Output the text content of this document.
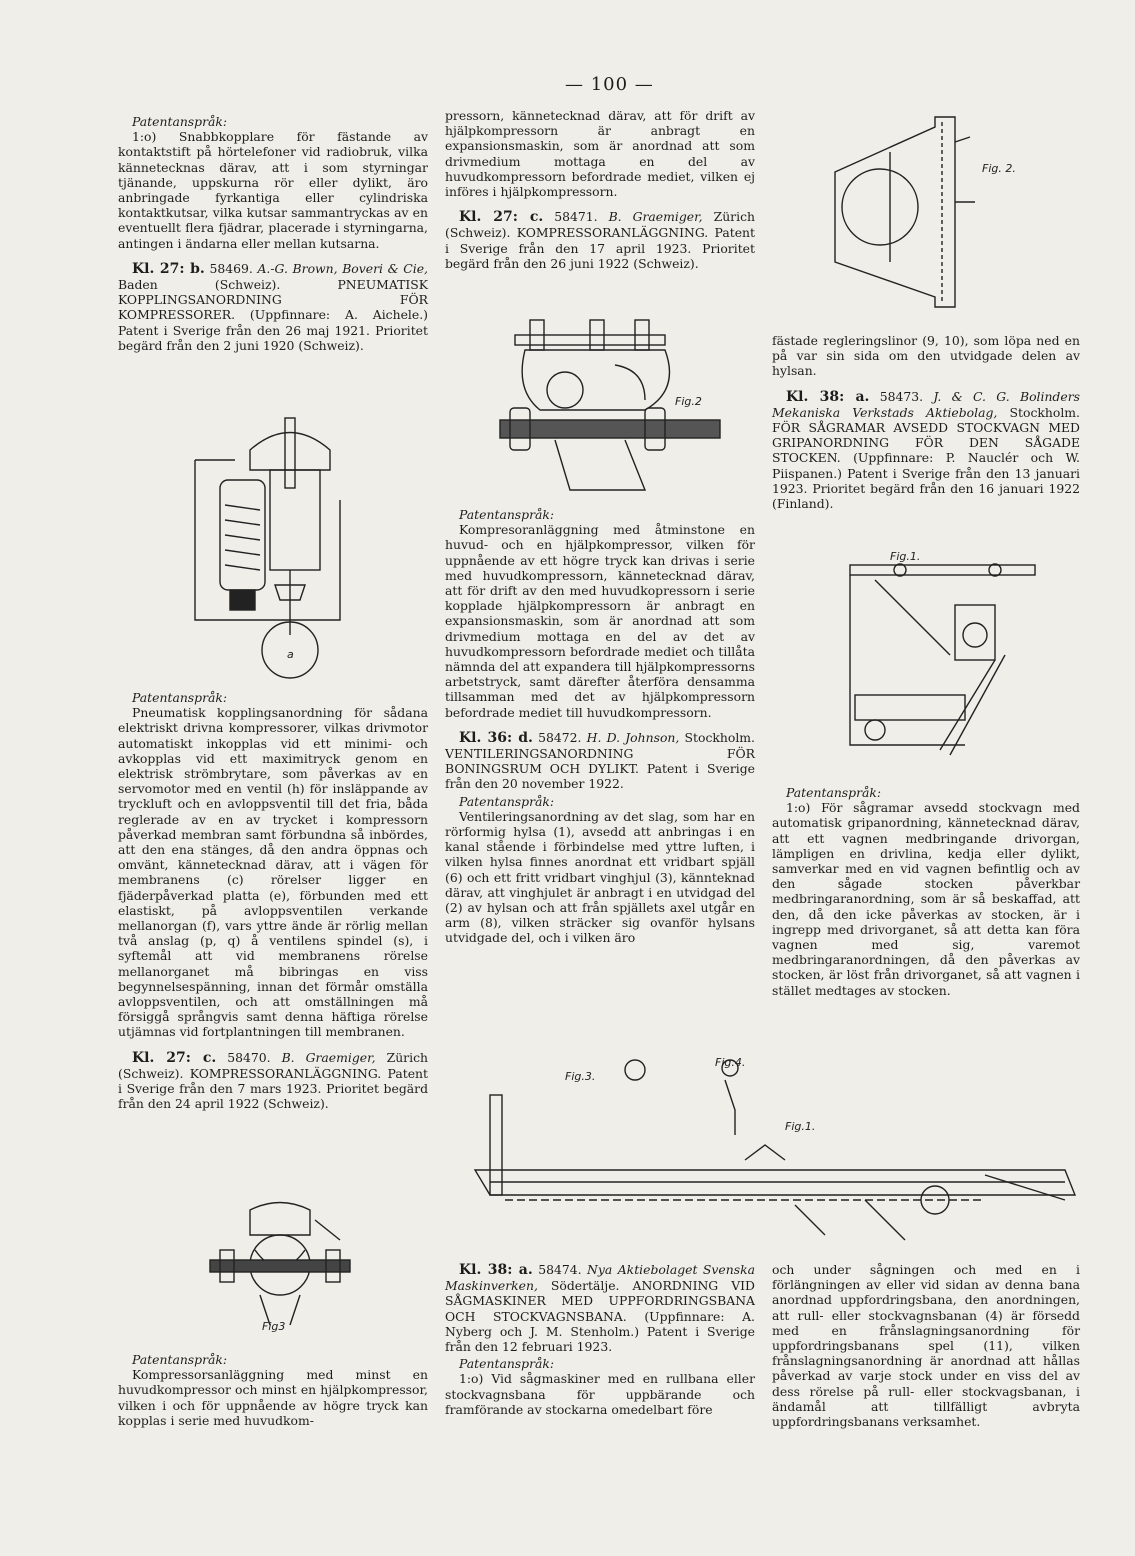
— 100 —

Patentanspråk:

1:o) Snabbkopplare för fästande av kontaktstift på hörtelefoner vid radiobruk, vilka kännetecknas därav, att i som styrningar tjänande, uppskurna rör eller dylikt, äro anbringade fyrkantiga eller cylindriska kontaktkutsar, vilka kutsar sammantryckas av en eventuellt flera fjädrar, placerade i styrningarna, antingen i ändarna eller mellan kutsarna.

Kl. 27: b. 58469. A.-G. Brown, Boveri & Cie, Baden (Schweiz). PNEUMATISK KOPPLINGSANORDNING FÖR KOMPRESSORER. (Uppfinnare: A. Aichele.) Patent i Sverige från den 26 maj 1921. Prioritet begärd från den 2 juni 1920 (Schweiz).

a

Patentanspråk:

Pneumatisk kopplingsanordning för sådana elektriskt drivna kompressorer, vilkas drivmotor automatiskt inkopplas vid ett minimi- och avkopplas vid ett maximitryck genom en elektrisk strömbrytare, som påverkas av en servomotor med en ventil (h) för insläppande av tryckluft och en avloppsventil till det fria, båda reglerade av en av trycket i kompressorn påverkad membran samt förbundna så inbördes, att den ena stänges, då den andra öppnas och omvänt, kännetecknad därav, att i vägen för membranens (c) rörelser ligger en fjäderpåverkad platta (e), förbunden med ett elastiskt, på avloppsventilen verkande mellanorgan (f), vars yttre ände är rörlig mellan två anslag (p, q) å ventilens spindel (s), i syftemål att vid membranens rörelse mellanorganet må bibringas en viss begynnelsespänning, innan det förmår omställa avloppsventilen, och att omställningen må försiggå språngvis samt denna häftiga rörelse utjämnas vid fortplantningen till membranen.

Kl. 27: c. 58470. B. Graemiger, Zürich (Schweiz). KOMPRESSORANLÄGGNING. Patent i Sverige från den 7 mars 1923. Prioritet begärd från den 24 april 1922 (Schweiz).

Fig3

Patentanspråk:

Kompressorsanläggning med minst en huvudkompressor och minst en hjälpkompressor, vilken i och för uppnående av högre tryck kan kopplas i serie med huvudkom-

pressorn, kännetecknad därav, att för drift av hjälpkompressorn är anbragt en expansionsmaskin, som är anordnad att som drivmedium mottaga en del av huvudkompressorn befordrade mediet, vilken ej införes i hjälpkompressorn.

Kl. 27: c. 58471. B. Graemiger, Zürich (Schweiz). KOMPRESSORANLÄGGNING. Patent i Sverige från den 17 april 1923. Prioritet begärd från den 26 juni 1922 (Schweiz).

Fig.2

Patentanspråk:

Kompresoranläggning med åtminstone en huvud- och en hjälpkompressor, vilken för uppnående av ett högre tryck kan drivas i serie med huvudkompressorn, kännetecknad därav, att för drift av den med huvudkopressorn i serie kopplade hjälpkompressorn är anbragt en expansionsmaskin, som är anordnad att som drivmedium mottaga en del av det av huvudkompressorn befordrade mediet och tillåta nämnda del att expandera till hjälpkompressorns arbetstryck, samt därefter återföra densamma tillsamman med det av hjälpkompressorn befordrade mediet till huvudkompressorn.

Kl. 36: d. 58472. H. D. Johnson, Stockholm. VENTILERINGSANORDNING FÖR BONINGSRUM OCH DYLIKT. Patent i Sverige från den 20 november 1922.

Patentanspråk:

Ventileringsanordning av det slag, som har en rörformig hylsa (1), avsedd att anbringas i en kanal stående i förbindelse med yttre luften, i vilken hylsa finnes anordnat ett vridbart spjäll (6) och ett fritt vridbart vinghjul (3), kännteknad därav, att vinghjulet är anbragt i en utvidgad del (2) av hylsan och att från spjällets axel utgår en arm (8), vilken sträcker sig ovanför hylsans utvidgade del, och i vilken äro

Fig. 2.

fästade regleringslinor (9, 10), som löpa ned en på var sin sida om den utvidgade delen av hylsan.

Kl. 38: a. 58473. J. & C. G. Bolinders Mekaniska Verkstads Aktiebolag, Stockholm. FÖR SÅGRAMAR AVSEDD STOCKVAGN MED GRIPANORDNING FÖR DEN SÅGADE STOCKEN. (Uppfinnare: P. Nauclér och W. Piispanen.) Patent i Sverige från den 13 januari 1923. Prioritet begärd från den 16 januari 1922 (Finland).

Fig.1.

Patentanspråk:

1:o) För sågramar avsedd stockvagn med automatisk gripanordning, kännetecknad därav, att ett vagnen medbringande drivorgan, lämpligen en drivlina, kedja eller dylikt, samverkar med en vid vagnen befintlig och av den sågade stocken påverkbar medbringaranordning, som är så beskaffad, att den, då den icke påverkas av stocken, är i ingrepp med drivorganet, så att detta kan föra vagnen med sig, varemot medbringaranordningen, då den påverkas av stocken, är löst från drivorganet, så att vagnen i stället medtages av stocken.

Fig.3.
Fig.4.
Fig.1.

Kl. 38: a. 58474. Nya Aktiebolaget Svenska Maskinverken, Södertälje. ANORDNING VID SÅGMASKINER MED UPPFORDRINGSBANA OCH STOCKVAGNSBANA. (Uppfinnare: A. Nyberg och J. M. Stenholm.) Patent i Sverige från den 12 februari 1923.

Patentanspråk:

1:o) Vid sågmaskiner med en rullbana eller stockvagnsbana för uppbärande och framförande av stockarna omedelbart före

och under sågningen och med en i förlängningen av eller vid sidan av denna bana anordnad uppfordringsbana, den anordningen, att rull- eller stockvagnsbanan (4) är försedd med en frånslagningsanordning för uppfordringsbanans spel (11), vilken frånslagningsanordning är anordnad att hållas påverkad av varje stock under en viss del av dess rörelse på rull- eller stockvagsbanan, i ändamål att tillfälligt avbryta uppfordringsbanans verksamhet.
